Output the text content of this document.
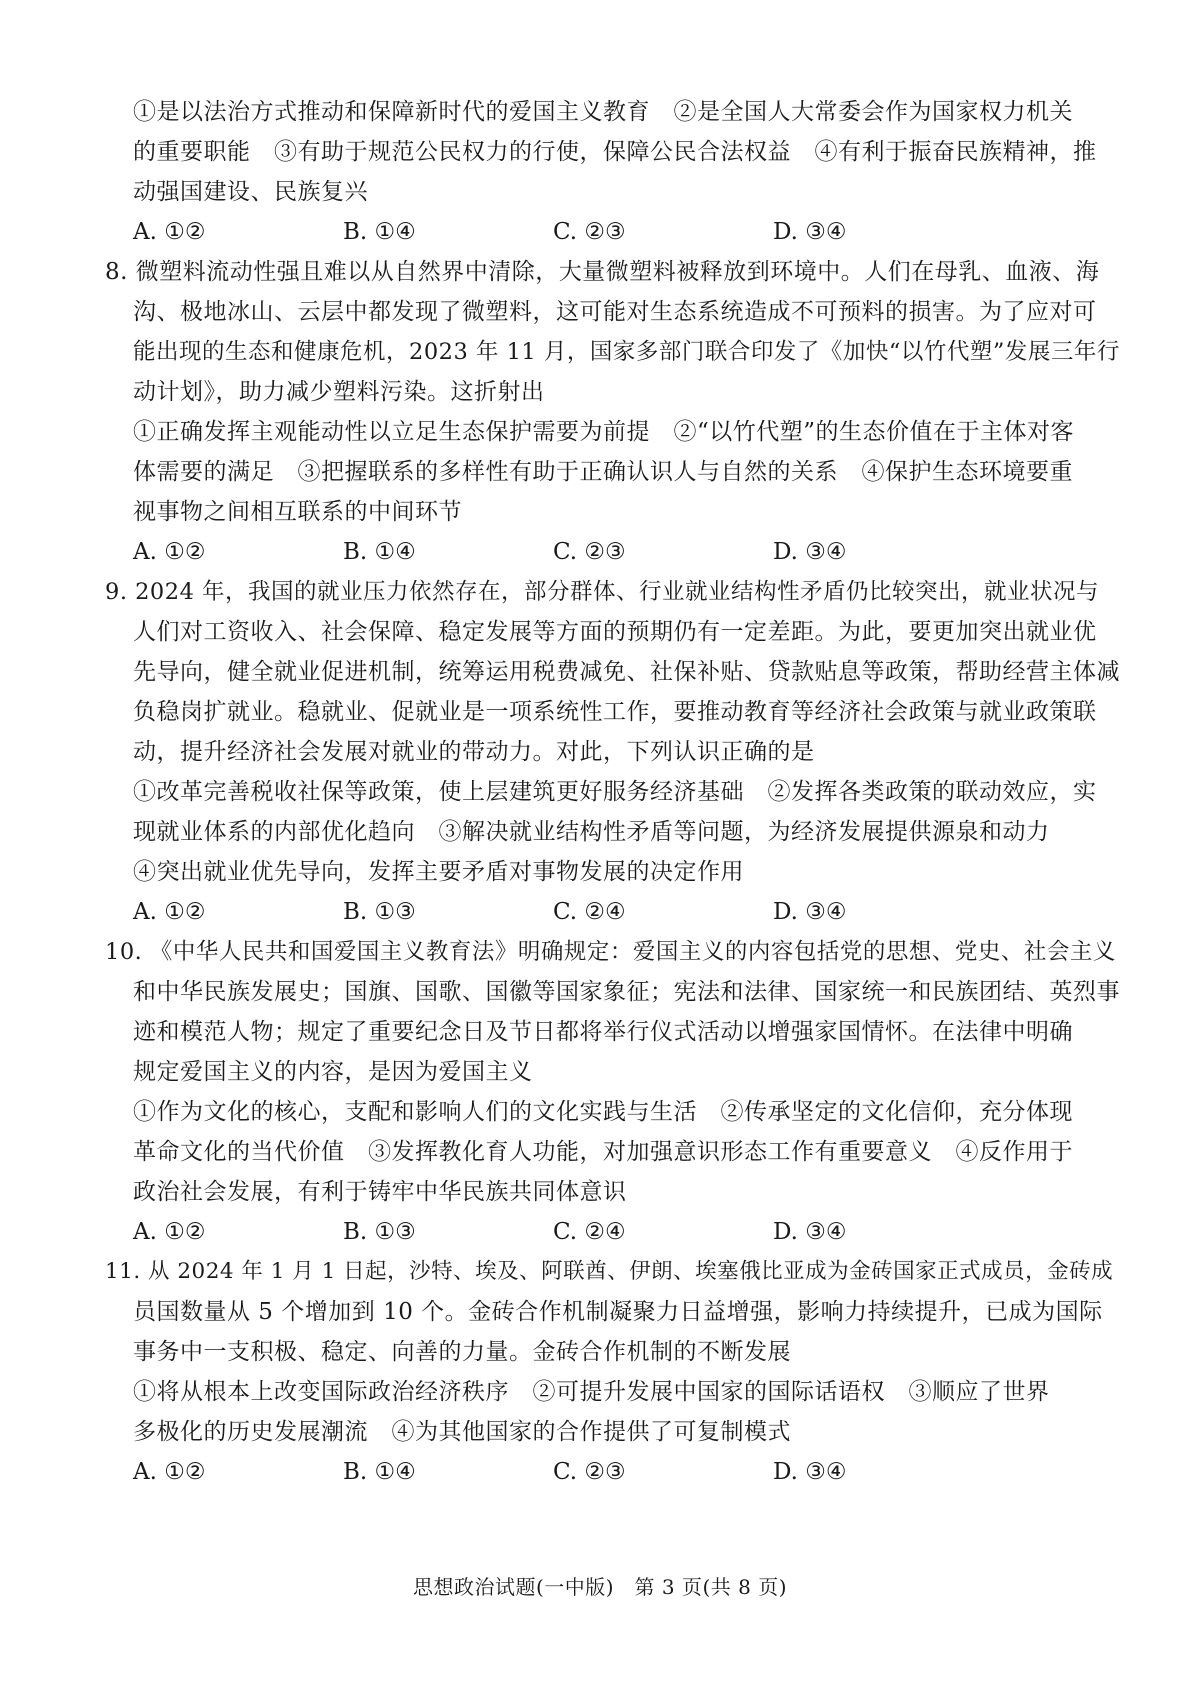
①是以法治方式推动和保障新时代的爱国主义教育　②是全国人大常委会作为国家权力机关
的重要职能　③有助于规范公民权力的行使，保障公民合法权益　④有利于振奋民族精神，推
动强国建设、民族复兴
A. ①②	B. ①④	C. ②③	D. ③④
8. 微塑料流动性强且难以从自然界中清除，大量微塑料被释放到环境中。人们在母乳、血液、海
沟、极地冰山、云层中都发现了微塑料，这可能对生态系统造成不可预料的损害。为了应对可
能出现的生态和健康危机，2023 年 11 月，国家多部门联合印发了《加快“以竹代塑”发展三年行
动计划》，助力减少塑料污染。这折射出
①正确发挥主观能动性以立足生态保护需要为前提　②“以竹代塑”的生态价值在于主体对客
体需要的满足　③把握联系的多样性有助于正确认识人与自然的关系　④保护生态环境要重
视事物之间相互联系的中间环节
A. ①②	B. ①④	C. ②③	D. ③④
9. 2024 年，我国的就业压力依然存在，部分群体、行业就业结构性矛盾仍比较突出，就业状况与
人们对工资收入、社会保障、稳定发展等方面的预期仍有一定差距。为此，要更加突出就业优
先导向，健全就业促进机制，统筹运用税费减免、社保补贴、贷款贴息等政策，帮助经营主体减
负稳岗扩就业。稳就业、促就业是一项系统性工作，要推动教育等经济社会政策与就业政策联
动，提升经济社会发展对就业的带动力。对此，下列认识正确的是
①改革完善税收社保等政策，使上层建筑更好服务经济基础　②发挥各类政策的联动效应，实
现就业体系的内部优化趋向　③解决就业结构性矛盾等问题，为经济发展提供源泉和动力
④突出就业优先导向，发挥主要矛盾对事物发展的决定作用
A. ①②	B. ①③	C. ②④	D. ③④
10. 《中华人民共和国爱国主义教育法》明确规定：爱国主义的内容包括党的思想、党史、社会主义
和中华民族发展史；国旗、国歌、国徽等国家象征；宪法和法律、国家统一和民族团结、英烈事
迹和模范人物；规定了重要纪念日及节日都将举行仪式活动以增强家国情怀。在法律中明确
规定爱国主义的内容，是因为爱国主义
①作为文化的核心，支配和影响人们的文化实践与生活　②传承坚定的文化信仰，充分体现
革命文化的当代价值　③发挥教化育人功能，对加强意识形态工作有重要意义　④反作用于
政治社会发展，有利于铸牢中华民族共同体意识
A. ①②	B. ①③	C. ②④	D. ③④
11. 从 2024 年 1 月 1 日起，沙特、埃及、阿联酋、伊朗、埃塞俄比亚成为金砖国家正式成员，金砖成
员国数量从 5 个增加到 10 个。金砖合作机制凝聚力日益增强，影响力持续提升，已成为国际
事务中一支积极、稳定、向善的力量。金砖合作机制的不断发展
①将从根本上改变国际政治经济秩序　②可提升发展中国家的国际话语权　③顺应了世界
多极化的历史发展潮流　④为其他国家的合作提供了可复制模式
A. ①②	B. ①④	C. ②③	D. ③④
思想政治试题(一中版)　第 3 页(共 8 页)
